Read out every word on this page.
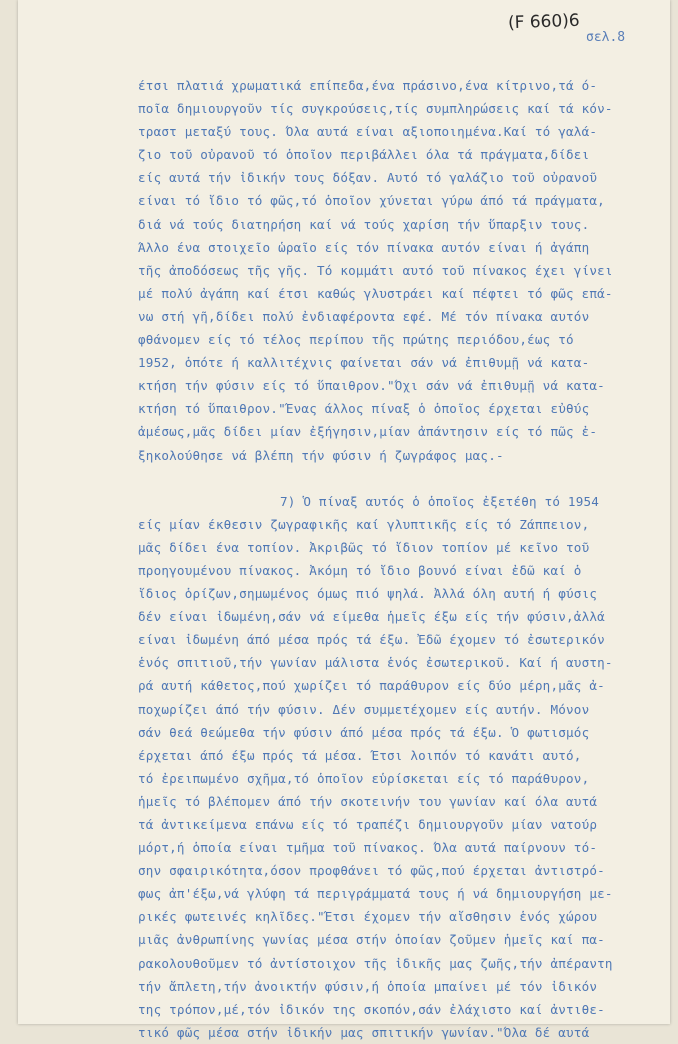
(F 660)6
σελ.8
έτσι πλατιά χρωματικά επίπεδα,ένα πράσινο,ένα κίτρινο,τά ό-
ποῖα δημιουργοῦν τίς συγκρούσεις,τίς συμπληρώσεις καί τά κόν-
τραστ μεταξύ τους. Όλα αυτά είναι αξιοποιημένα.Καί τό γαλά-
ζιο τοῦ οὐρανοῦ τό ὁποῖον περιβάλλει όλα τά πράγματα,δίδει
είς αυτά τήν ἰδικήν τους δόξαν. Αυτό τό γαλάζιο τοῦ οὐρανοῦ
είναι τό ἴδιο τό φῶς,τό ὁποῖον χύνεται γύρω άπό τά πράγματα,
διά νά τούς διατηρήση καί νά τούς χαρίση τήν ὕπαρξιν τους.
Άλλο ένα στοιχεῖο ὡραῖο είς τόν πίνακα αυτόν είναι ή ἀγάπη
τῆς ἀποδόσεως τῆς γῆς. Τό κομμάτι αυτό τοῦ πίνακος έχει γίνει
μέ πολύ ἀγάπη καί έτσι καθώς γλυστράει καί πέφτει τό φῶς επά-
νω στή γῆ,δίδει πολύ ἐνδιαφέροντα εφέ. Μέ τόν πίνακα αυτόν
φθάνομεν είς τό τέλος περίπου τῆς πρώτης περιόδου,έως τό
1952, ὁπότε ή καλλιτέχνις φαίνεται σάν νά ἐπιθυμῇ νά κατα-
κτήση τήν φύσιν είς τό ὕπαιθρον."Όχι σάν νά ἐπιθυμῇ νά κατα-
κτήση τό ὕπαιθρον."Ένας άλλος πίναξ ὁ ὁποῖος έρχεται εὐθύς
ἀμέσως,μᾶς δίδει μίαν ἐξήγησιν,μίαν ἀπάντησιν είς τό πῶς ἐ-
ξηκολούθησε νά βλέπη τήν φύσιν ή ζωγράφος μας.-
7) Ὁ πίναξ αυτός ὁ ὁποῖος ἐξετέθη τό 1954
είς μίαν έκθεσιν ζωγραφικῆς καί γλυπτικῆς είς τό Ζάππειον,
μᾶς δίδει ένα τοπίον. Ἀκριβῶς τό ἴδιον τοπίον μέ κεῖνο τοῦ
προηγουμένου πίνακος. Ἀκόμη τό ἴδιο βουνό είναι ἐδῶ καί ὁ
ἴδιος ὁρίζων,σημωμένος όμως πιό ψηλά. Ἀλλά όλη αυτή ή φύσις
δέν είναι ἰδωμένη,σάν νά είμεθα ἡμεῖς έξω είς τήν φύσιν,ἀλλά
είναι ἰδωμένη άπό μέσα πρός τά έξω. Ἐδῶ έχομεν τό ἐσωτερικόν
ἑνός σπιτιοῦ,τήν γωνίαν μάλιστα ἑνός ἐσωτερικοῦ. Καί ή αυστη-
ρά αυτή κάθετος,πού χωρίζει τό παράθυρον είς δύο μέρη,μᾶς ἀ-
ποχωρίζει άπό τήν φύσιν. Δέν συμμετέχομεν είς αυτήν. Μόνον
σάν θεά θεώμεθα τήν φύσιν άπό μέσα πρός τά έξω. Ὁ φωτισμός
έρχεται άπό έξω πρός τά μέσα. Έτσι λοιπόν τό κανάτι αυτό,
τό ἐρειπωμένο σχῆμα,τό ὁποῖον εὑρίσκεται είς τό παράθυρον,
ἡμεῖς τό βλέπομεν άπό τήν σκοτεινήν του γωνίαν καί όλα αυτά
τά ἀντικείμενα επάνω είς τό τραπέζι δημιουργοῦν μίαν νατούρ
μόρτ,ή ὁποία είναι τμῆμα τοῦ πίνακος. Όλα αυτά παίρνουν τό-
σην σφαιρικότητα,όσον προφθάνει τό φῶς,πού έρχεται ἀντιστρό-
φως ἀπ'έξω,νά γλύφη τά περιγράμματά τους ή νά δημιουργήση με-
ρικές φωτεινές κηλῖδες."Έτσι έχομεν τήν αἴσθησιν ἑνός χώρου
μιᾶς ἀνθρωπίνης γωνίας μέσα στήν ὁποίαν ζοῦμεν ἡμεῖς καί πα-
ρακολουθοῦμεν τό ἀντίστοιχον τῆς ἰδικῆς μας ζωῆς,τήν ἀπέραντη
τήν ἄπλετη,τήν ἀνοικτήν φύσιν,ή ὁποία μπαίνει μέ τόν ἰδικόν
της τρόπον,μέ,τόν ἰδικόν της σκοπόν,σάν ἐλάχιστο καί ἀντιθε-
τικό φῶς μέσα στήν ἰδικήν μας σπιτικήν γωνίαν."Όλα δέ αυτά
